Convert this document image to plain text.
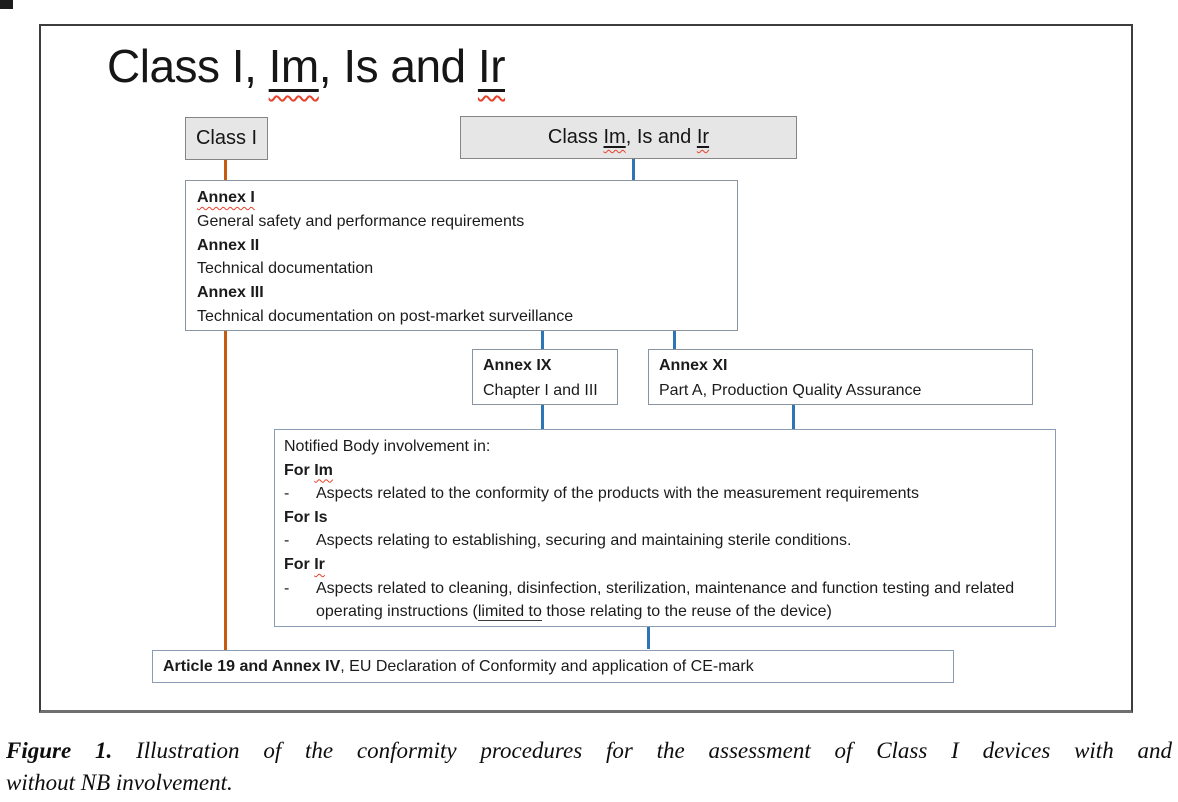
Class I, Im, Is and Ir
Class I	Class Im, Is and Ir
Annex I
General safety and performance requirements
Annex II
Technical documentation
Annex III
Technical documentation on post-market surveillance
Annex IX
Chapter I and III
Annex XI
Part A, Production Quality Assurance
Notified Body involvement in:
For Im
-	Aspects related to the conformity of the products with the measurement requirements
For Is
-	Aspects relating to establishing, securing and maintaining sterile conditions.
For Ir
-	Aspects related to cleaning, disinfection, sterilization, maintenance and function testing and related operating instructions (limited to those relating to the reuse of the device)
Article 19 and Annex IV, EU Declaration of Conformity and application of CE-mark
Figure 1. Illustration of the conformity procedures for the assessment of Class I devices with and
without NB involvement.
